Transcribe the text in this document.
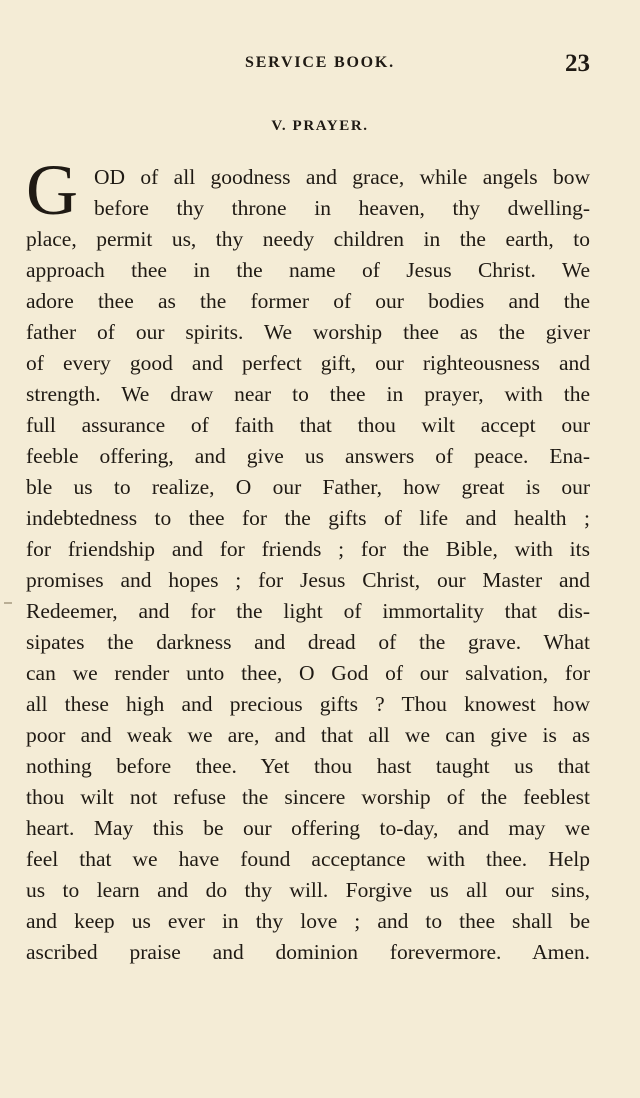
SERVICE BOOK.	23
V. PRAYER.
G OD of all goodness and grace, while angels bow
before thy throne in heaven, thy dwelling-
place, permit us, thy needy children in the earth, to
approach thee in the name of Jesus Christ. We
adore thee as the former of our bodies and the
father of our spirits. We worship thee as the giver
of every good and perfect gift, our righteousness and
strength. We draw near to thee in prayer, with the
full assurance of faith that thou wilt accept our
feeble offering, and give us answers of peace. Ena-
ble us to realize, O our Father, how great is our
indebtedness to thee for the gifts of life and health ;
for friendship and for friends ; for the Bible, with its
promises and hopes ; for Jesus Christ, our Master and
Redeemer, and for the light of immortality that dis-
sipates the darkness and dread of the grave. What
can we render unto thee, O God of our salvation, for
all these high and precious gifts ? Thou knowest how
poor and weak we are, and that all we can give is as
nothing before thee. Yet thou hast taught us that
thou wilt not refuse the sincere worship of the feeblest
heart. May this be our offering to-day, and may we
feel that we have found acceptance with thee. Help
us to learn and do thy will. Forgive us all our sins,
and keep us ever in thy love ; and to thee shall be
ascribed praise and dominion forevermore. Amen.
